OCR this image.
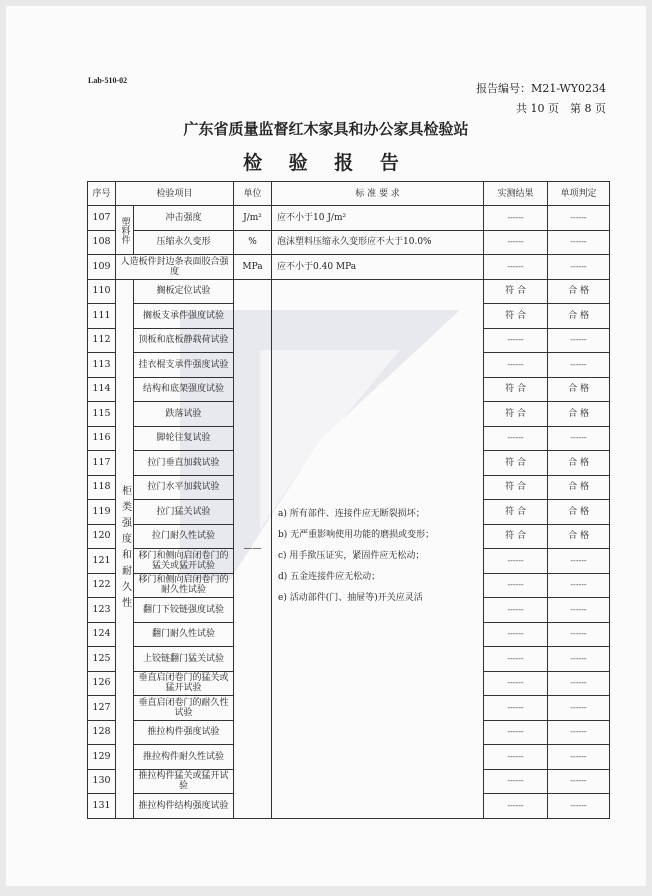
Lab-510-02
报告编号：M21-WY0234
共 10 页　第 8 页
广东省质量监督红木家具和办公家具检验站
检 验 报 告
序号	检验项目		单位	标 准 要 求	实测结果	单项判定
107	塑料件	冲击强度	J/m²	应不小于10 J/m²	------	------
108		压缩永久变形	%	泡沫塑料压缩永久变形应不大于10.0%	------	------
109	人造板件封边条表面胶合强度		MPa	应不小于0.40 MPa	------	------
110	柜类强度和耐久性	搁板定位试验	——	a) 所有部件、连接件应无断裂损坏；
b) 无严重影响使用功能的磨损或变形；
c) 用手揿压证实，紧固件应无松动；
d) 五金连接件应无松动；
e) 活动部件(门、抽屉等)开关应灵活	符 合	合 格
111		搁板支承件强度试验			符 合	合 格
112		顶板和底板静载荷试验			------	------
113		挂衣棍支承件强度试验			------	------
114		结构和底架强度试验			符 合	合 格
115		跌落试验			符 合	合 格
116		脚轮往复试验			------	------
117		拉门垂直加载试验			符 合	合 格
118		拉门水平加载试验			符 合	合 格
119		拉门猛关试验			符 合	合 格
120		拉门耐久性试验			符 合	合 格
121		移门和侧向启闭卷门的猛关或猛开试验			------	------
122		移门和侧向启闭卷门的耐久性试验			------	------
123		翻门下铰链强度试验			------	------
124		翻门耐久性试验			------	------
125		上铰链翻门猛关试验			------	------
126		垂直启闭卷门的猛关或猛开试验			------	------
127		垂直启闭卷门的耐久性试验			------	------
128		推拉构件强度试验			------	------
129		推拉构件耐久性试验			------	------
130		推拉构件猛关或猛开试验			------	------
131		推拉构件结构强度试验			------	------
